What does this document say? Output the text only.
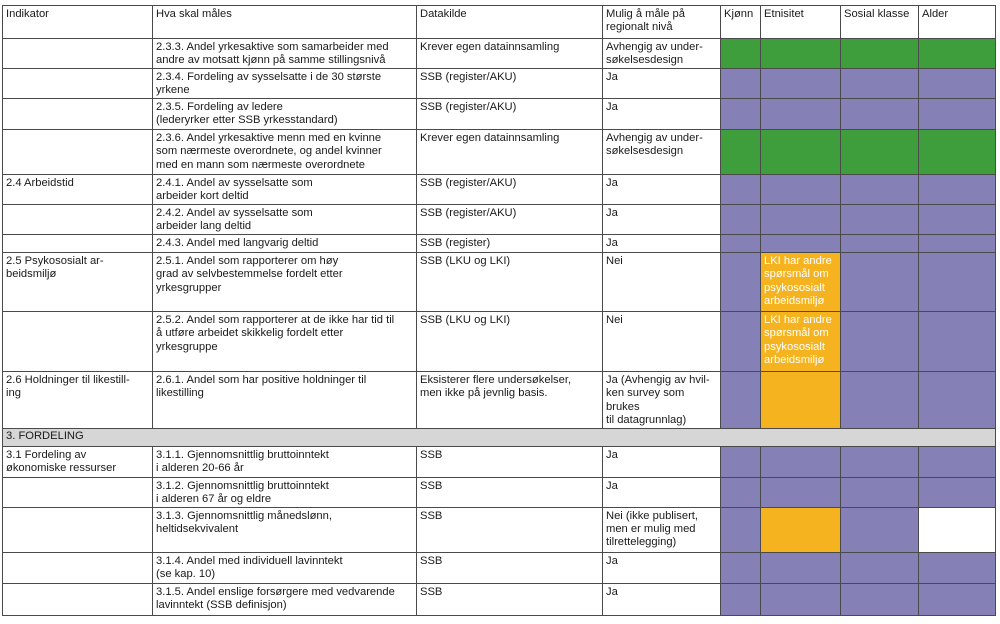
Indikator	Hva skal måles	Datakilde	Mulig å måle på
regionalt nivå	Kjønn	Etnisitet	Sosial klasse	Alder
	2.3.3. Andel yrkesaktive som samarbeider med
andre av motsatt kjønn på samme stillingsnivå	Krever egen datainnsamling	Avhengig av under-
søkelsesdesign				
	2.3.4. Fordeling av sysselsatte i de 30 største
yrkene	SSB (register/AKU)	Ja				
	2.3.5. Fordeling av ledere
(lederyrker etter SSB yrkesstandard)	SSB (register/AKU)	Ja				
	2.3.6. Andel yrkesaktive menn med en kvinne
som nærmeste overordnete, og andel kvinner
med en mann som nærmeste overordnete	Krever egen datainnsamling	Avhengig av under-
søkelsesdesign				
2.4 Arbeidstid	2.4.1. Andel av sysselsatte som
arbeider kort deltid	SSB (register/AKU)	Ja				
	2.4.2. Andel av sysselsatte som
arbeider lang deltid	SSB (register/AKU)	Ja				
	2.4.3. Andel med langvarig deltid	SSB (register)	Ja				
2.5 Psykososialt ar-
beidsmiljø	2.5.1. Andel som rapporterer om høy
grad av selvbestemmelse fordelt etter
yrkesgrupper	SSB (LKU og LKI)	Nei		LKI har andre
spørsmål om
psykososialt
arbeidsmiljø		
	2.5.2. Andel som rapporterer at de ikke har tid til
å utføre arbeidet skikkelig fordelt etter
yrkesgruppe	SSB (LKU og LKI)	Nei		LKI har andre
spørsmål om
psykososialt
arbeidsmiljø		
2.6 Holdninger til likestill-
ing	2.6.1. Andel som har positive holdninger til
likestilling	Eksisterer flere undersøkelser,
men ikke på jevnlig basis.	Ja (Avhengig av hvil-
ken survey som brukes
til datagrunnlag)				
3. FORDELING							
3.1 Fordeling av
økonomiske ressurser	3.1.1. Gjennomsnittlig bruttoinntekt
i alderen 20-66 år	SSB	Ja				
	3.1.2. Gjennomsnittlig bruttoinntekt
i alderen 67 år og eldre	SSB	Ja				
	3.1.3. Gjennomsnittlig månedslønn,
heltidsekvivalent	SSB	Nei (ikke publisert,
men er mulig med
tilrettelegging)				
	3.1.4. Andel med individuell lavinntekt
(se kap. 10)	SSB	Ja				
	3.1.5. Andel enslige forsørgere med vedvarende
lavinntekt (SSB definisjon)	SSB	Ja				
